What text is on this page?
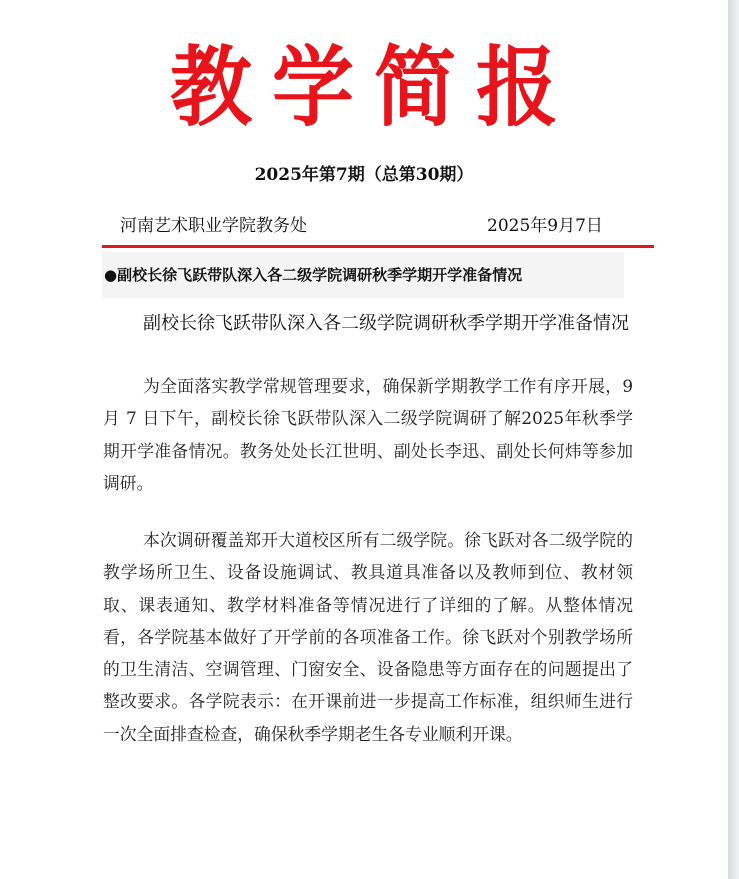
教学简报
2025年第7期（总第30期）
河南艺术职业学院教务处	2025年9月7日
●副校长徐飞跃带队深入各二级学院调研秋季学期开学准备情况
副校长徐飞跃带队深入各二级学院调研秋季学期开学准备情况
为全面落实教学常规管理要求，确保新学期教学工作有序开展，9 月 7 日下午，副校长徐飞跃带队深入二级学院调研了解2025年秋季学期开学准备情况。教务处处长江世明、副处长李迅、副处长何炜等参加调研。
本次调研覆盖郑开大道校区所有二级学院。徐飞跃对各二级学院的教学场所卫生、设备设施调试、教具道具准备以及教师到位、教材领取、课表通知、教学材料准备等情况进行了详细的了解。从整体情况看，各学院基本做好了开学前的各项准备工作。徐飞跃对个别教学场所的卫生清洁、空调管理、门窗安全、设备隐患等方面存在的问题提出了整改要求。各学院表示：在开课前进一步提高工作标准，组织师生进行一次全面排查检查，确保秋季学期老生各专业顺利开课。
